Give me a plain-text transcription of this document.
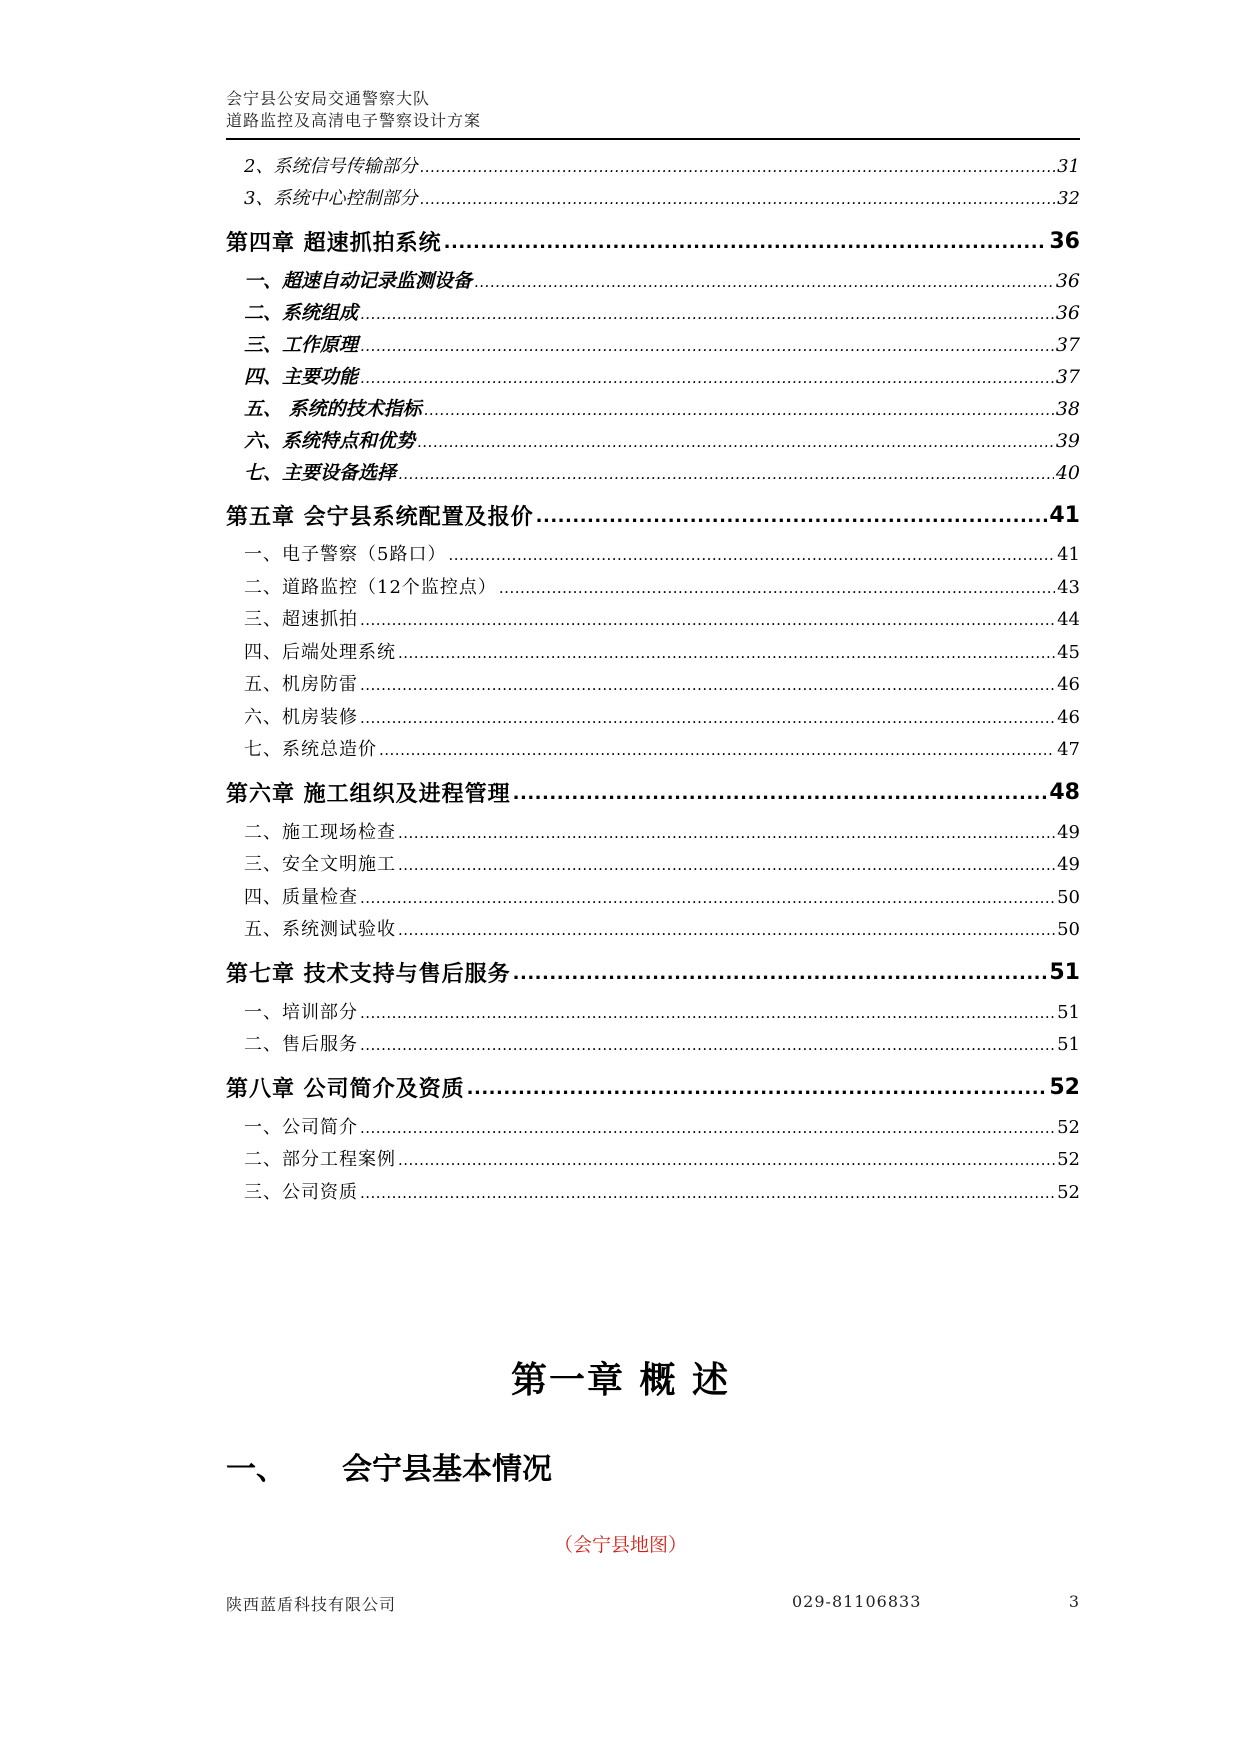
会宁县公安局交通警察大队
道路监控及高清电子警察设计方案
2、系统信号传输部分 .....	31
3、系统中心控制部分 .....	32
第四章 超速抓拍系统 .....	36
一、超速自动记录监测设备 .....	36
二、系统组成 .....	36
三、工作原理 .....	37
四、主要功能 .....	37
五、 系统的技术指标 .....	38
六、系统特点和优势 .....	39
七、主要设备选择 .....	40
第五章 会宁县系统配置及报价 .....	41
一、电子警察（5路口） .....	41
二、道路监控（12个监控点） .....	43
三、超速抓拍 .....	44
四、后端处理系统 .....	45
五、机房防雷 .....	46
六、机房装修 .....	46
七、系统总造价 .....	47
第六章 施工组织及进程管理 .....	48
二、施工现场检查 .....	49
三、安全文明施工 .....	49
四、质量检查 .....	50
五、系统测试验收 .....	50
第七章 技术支持与售后服务 .....	51
一、培训部分 .....	51
二、售后服务 .....	51
第八章 公司简介及资质 .....	52
一、公司简介 .....	52
二、部分工程案例 .....	52
三、公司资质 .....	52
第一章 概 述
一、 会宁县基本情况
（会宁县地图）
陕西蓝盾科技有限公司	029-81106833	3
